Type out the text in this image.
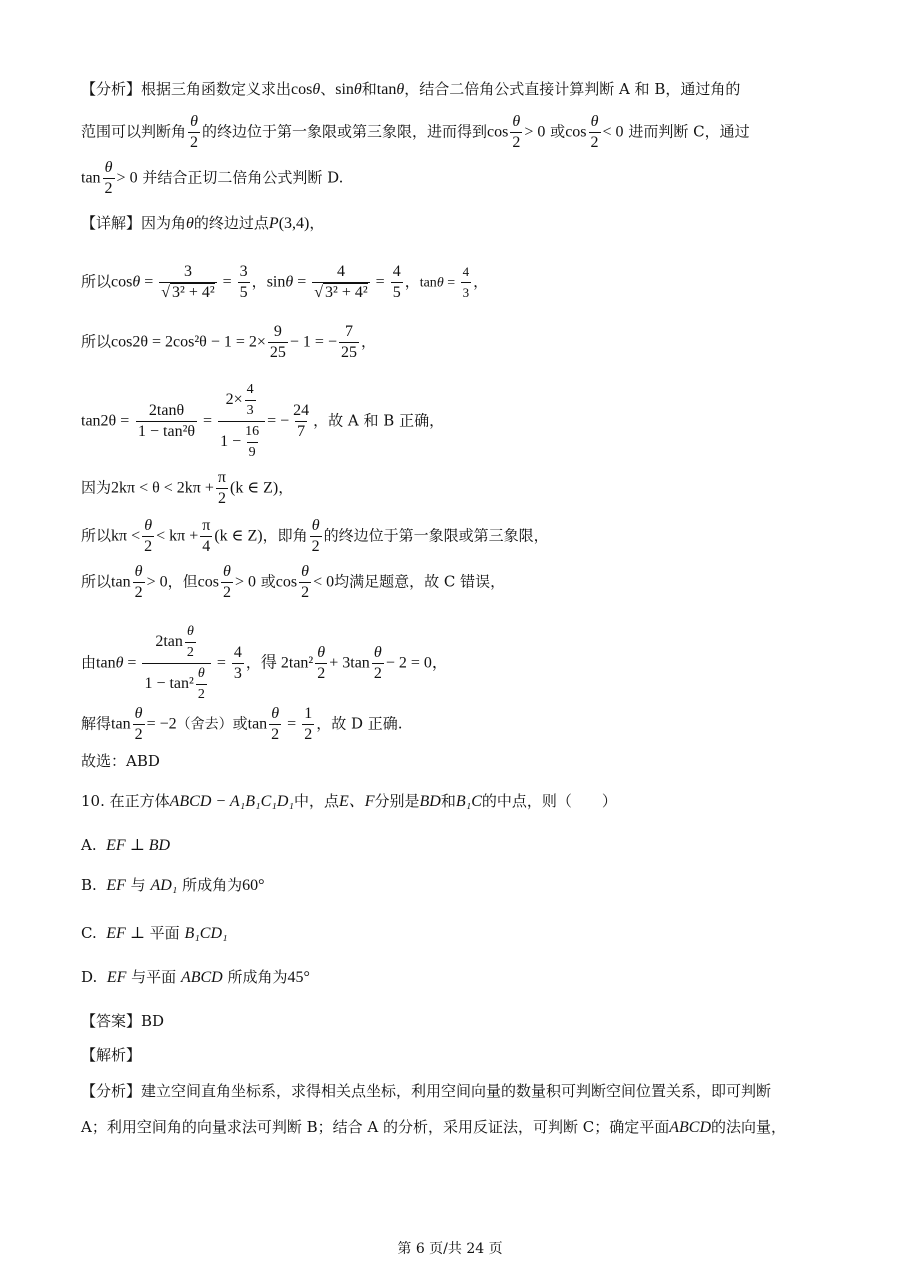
【分析】根据三角函数定义求出cosθ、sinθ和tanθ，结合二倍角公式直接计算判断 A 和 B，通过角的
范围可以判断角 $\frac{\theta}{2}$ 的终边位于第一象限或第三象限，进而得到$\cos \frac{\theta}{2} > 0$ 或$\cos \frac{\theta}{2} < 0$ 进而判断 C，通过
$\tan \frac{\theta}{2} > 0$ 并结合正切二倍角公式判断 D.
【详解】因为角θ的终边过点P(3,4)，
所以$\cos\theta = \frac{3}{\text{√ 3² + 4²}} = \frac{3}{5}$ ，$\sin\theta = \frac{4}{\text{√ 3² + 4²}} = \frac{4}{5}$ ，$\tan\theta = \frac{4}{3}$ ，
所以$\cos 2\theta = 2\cos^2\theta - 1 = 2\times \frac{9}{25} - 1$ = − $\frac{7}{25}$ ，
$\tan 2\theta = \frac{2\tan\theta}{\text{1 − tan²θ}} = \frac{2\times \frac{4}{3}}{1 - \frac{16}{9}}$ = − $\frac{24}{7}$ ，故 A 和 B 正确，
因为$2k\pi < \theta < 2k\pi + \frac{\pi}{2} (k$ ∈ Z)，
所以$k\pi < \frac{\theta}{2} < k\pi + \frac{\pi}{4} (k$ ∈ Z)，即角 $\frac{\theta}{2}$ 的终边位于第一象限或第三象限，
所以$\tan \frac{\theta}{2} > 0$，但$\cos \frac{\theta}{2} > 0$ 或$\cos \frac{\theta}{2} < 0$均满足题意，故 C 错误，
由$\tan\theta = \frac{2\tan \frac{\theta}{2}}{1 - \tan^2 \frac{\theta}{2}} = \frac{4}{3}$ ，得 $2\tan^2 \frac{\theta}{2} + 3\tan \frac{\theta}{2} - 2 = 0$，
解得$\tan \frac{\theta}{2} = -2$（舍去）或$\tan \frac{\theta}{2} = \frac{1}{2}$ ，故 D 正确.
故选：ABD
10. 在正方体ABCD − A₁B₁C₁D₁中，点E、F分别是BD和B₁C的中点，则（　　）
A. EF ⊥ BD
B. EF 与 AD₁ 所成角为60°
C. EF ⊥ 平面 B₁CD₁
D. EF 与平面 ABCD 所成角为45°
【答案】BD
【解析】
【分析】建立空间直角坐标系，求得相关点坐标，利用空间向量的数量积可判断空间位置关系，即可判断
A；利用空间角的向量求法可判断 B；结合 A 的分析，采用反证法，可判断 C；确定平面ABCD的法向量，
第 6 页/共 24 页
